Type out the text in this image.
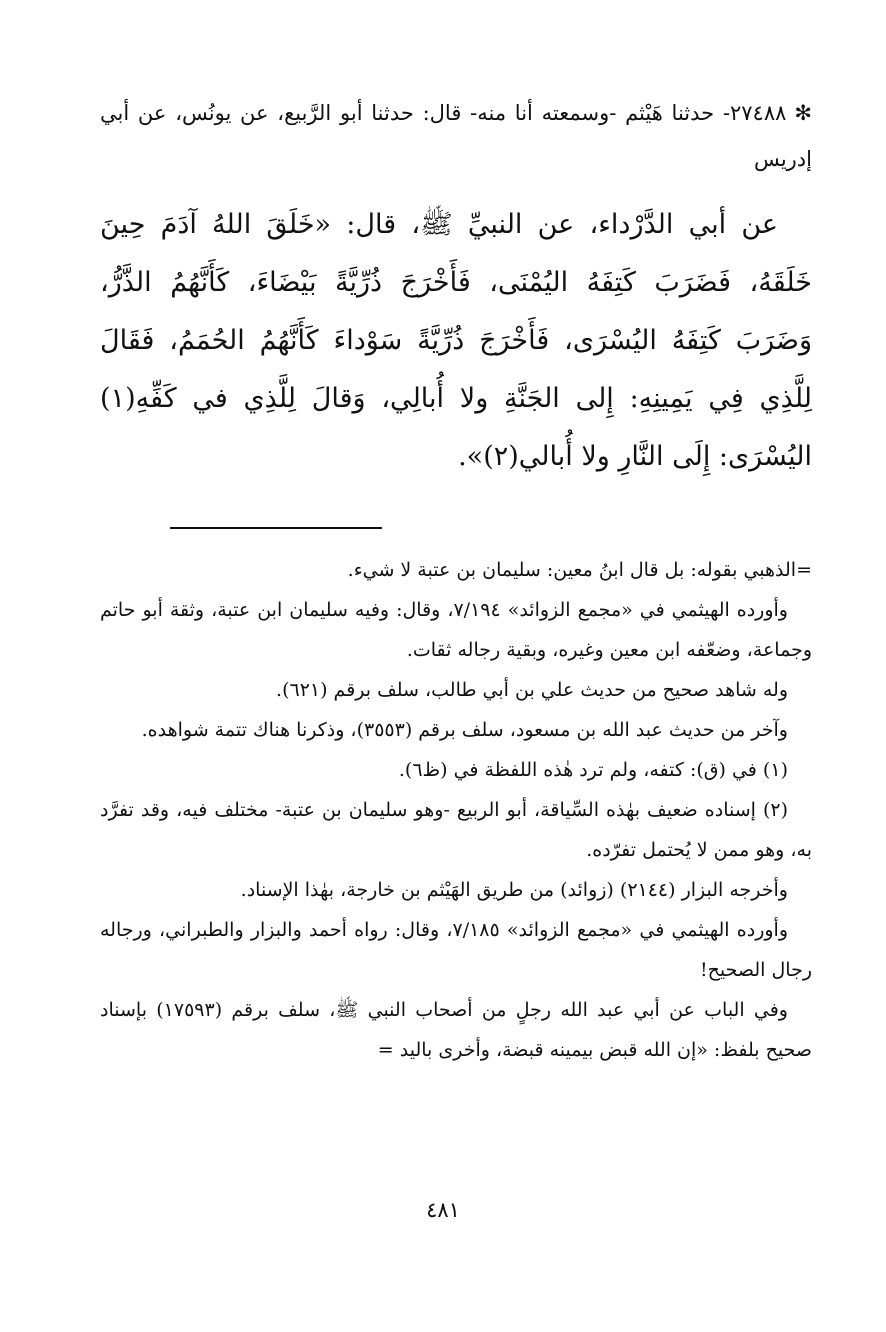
✻٢٧٤٨٨- حدثنا هَيْثم -وسمعته أنا منه- قال: حدثنا أبو الرَّبيع، عن يونُس، عن أبي إدريس

عن أبي الدَّرْداء، عن النبيِّ ﷺ، قال: «خَلَقَ اللهُ آدَمَ حِينَ خَلَقَهُ، فَضَرَبَ كَتِفَهُ اليُمْنَى، فَأَخْرَجَ ذُرِّيَّةً بَيْضَاءَ، كَأَنَّهُمُ الذَّرُّ، وَضَرَبَ كَتِفَهُ اليُسْرَى، فَأَخْرَجَ ذُرِّيَّةً سَوْداءَ كَأَنَّهُمُ الحُمَمُ، فَقَالَ لِلَّذِي فِي يَمِينِهِ: إِلى الجَنَّةِ ولا أُبالِي، وَقالَ لِلَّذِي في كَفِّهِ(١) اليُسْرَى: إِلَى النَّارِ ولا أُبالي(٢)».

=الذهبي بقوله: بل قال ابنُ معين: سليمان بن عتبة لا شيء.

وأورده الهيثمي في «مجمع الزوائد» ٧/١٩٤، وقال: وفيه سليمان ابن عتبة، وثقة أبو حاتم وجماعة، وضعّفه ابن معين وغيره، وبقية رجاله ثقات.

وله شاهد صحيح من حديث علي بن أبي طالب، سلف برقم (٦٢١).

وآخر من حديث عبد الله بن مسعود، سلف برقم (٣٥٥٣)، وذكرنا هناك تتمة شواهده.

(١) في (ق): كتفه، ولم ترد هٰذه اللفظة في (ظ٦).

(٢) إسناده ضعيف بهٰذه السِّياقة، أبو الربيع -وهو سليمان بن عتبة- مختلف فيه، وقد تفرَّد به، وهو ممن لا يُحتمل تفرّده.

وأخرجه البزار (٢١٤٤) (زوائد) من طريق الهَيْثم بن خارجة، بهٰذا الإسناد.

وأورده الهيثمي في «مجمع الزوائد» ٧/١٨٥، وقال: رواه أحمد والبزار والطبراني، ورجاله رجال الصحيح!

وفي الباب عن أبي عبد الله رجلٍ من أصحاب النبي ﷺ، سلف برقم (١٧٥٩٣) بإسناد صحيح بلفظ: «إن الله قبض بيمينه قبضة، وأخرى باليد =

٤٨١
